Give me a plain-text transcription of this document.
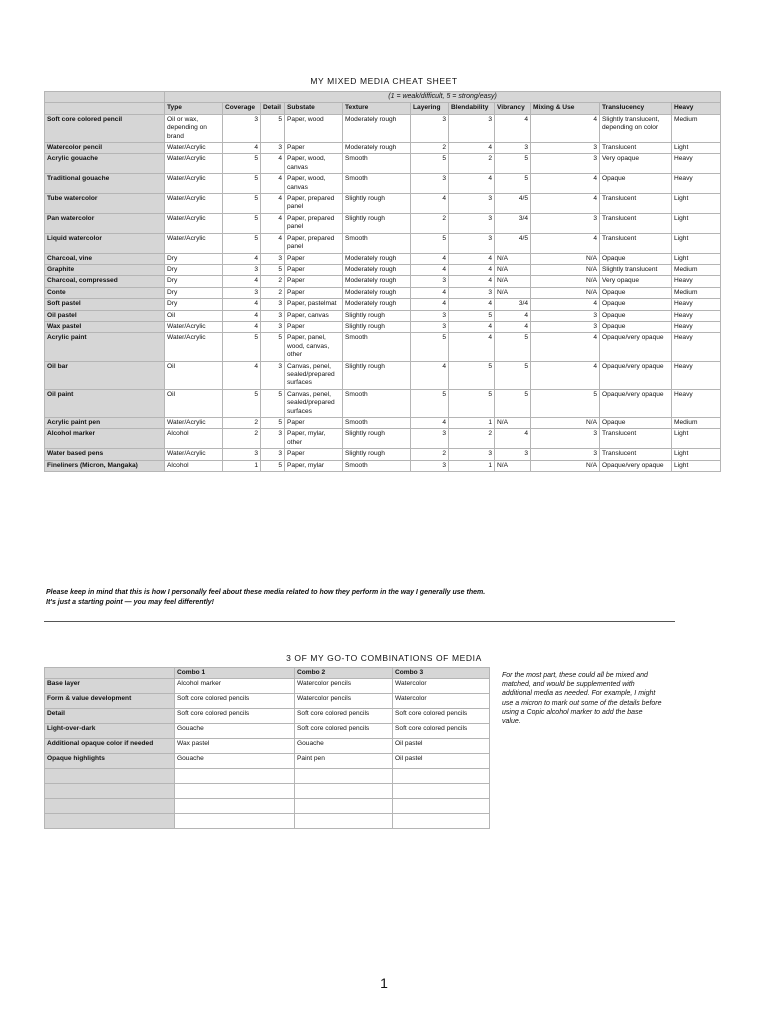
MY MIXED MEDIA CHEAT SHEET
	(1 = weak/difficult, 5 = strong/easy)										
	Type	Coverage	Detail	Substate	Texture	Layering	Blendability	Vibrancy	Mixing & Use	Translucency	Heavy
Soft core colored pencil	Oil or wax, depending on brand	3	5	Paper, wood	Moderately rough	3	3	4	4	Slightly translucent, depending on color	Medium
Watercolor pencil	Water/Acrylic	4	3	Paper	Moderately rough	2	4	3	3	Translucent	Light
Acrylic gouache	Water/Acrylic	5	4	Paper, wood, canvas	Smooth	5	2	5	3	Very opaque	Heavy
Traditional gouache	Water/Acrylic	5	4	Paper, wood, canvas	Smooth	3	4	5	4	Opaque	Heavy
Tube watercolor	Water/Acrylic	5	4	Paper, prepared panel	Slightly rough	4	3	4/5	4	Translucent	Light
Pan watercolor	Water/Acrylic	5	4	Paper, prepared panel	Slightly rough	2	3	3/4	3	Translucent	Light
Liquid watercolor	Water/Acrylic	5	4	Paper, prepared panel	Smooth	5	3	4/5	4	Translucent	Light
Charcoal, vine	Dry	4	3	Paper	Moderately rough	4	4	N/A	N/A	Opaque	Light
Graphite	Dry	3	5	Paper	Moderately rough	4	4	N/A	N/A	Slightly translucent	Medium
Charcoal, compressed	Dry	4	2	Paper	Moderately rough	3	4	N/A	N/A	Very opaque	Heavy
Conte	Dry	3	2	Paper	Moderately rough	4	3	N/A	N/A	Opaque	Medium
Soft pastel	Dry	4	3	Paper, pastelmat	Moderately rough	4	4	3/4	4	Opaque	Heavy
Oil pastel	Oil	4	3	Paper, canvas	Slightly rough	3	5	4	3	Opaque	Heavy
Wax pastel	Water/Acrylic	4	3	Paper	Slightly rough	3	4	4	3	Opaque	Heavy
Acrylic paint	Water/Acrylic	5	5	Paper, panel, wood, canvas, other	Smooth	5	4	5	4	Opaque/very opaque	Heavy
Oil bar	Oil	4	3	Canvas, penel, sealed/prepared surfaces	Slightly rough	4	5	5	4	Opaque/very opaque	Heavy
Oil paint	Oil	5	5	Canvas, penel, sealed/prepared surfaces	Smooth	5	5	5	5	Opaque/very opaque	Heavy
Acrylic paint pen	Water/Acrylic	2	5	Paper	Smooth	4	1	N/A	N/A	Opaque	Medium
Alcohol marker	Alcohol	2	3	Paper, mylar, other	Slightly rough	3	2	4	3	Translucent	Light
Water based pens	Water/Acrylic	3	3	Paper	Slightly rough	2	3	3	3	Translucent	Light
Fineliners (Micron, Mangaka)	Alcohol	1	5	Paper, mylar	Smooth	3	1	N/A	N/A	Opaque/very opaque	Light
Please keep in mind that this is how I personally feel about these media related to how they perform in the way I generally use them.
It's just a starting point — you may feel differently!
3 OF MY GO-TO COMBINATIONS OF MEDIA
	Combo 1	Combo 2	Combo 3
Base layer	Alcohol marker	Watercolor pencils	Watercolor
Form & value development	Soft core colored pencils	Watercolor pencils	Watercolor
Detail	Soft core colored pencils	Soft core colored pencils	Soft core colored pencils
Light-over-dark	Gouache	Soft core colored pencils	Soft core colored pencils
Additional opaque color if needed	Wax pastel	Gouache	Oil pastel
Opaque highlights	Gouache	Paint pen	Oil pastel

For the most part, these could all be mixed and matched, and would be supplemented with additional media as needed. For example, I might use a micron to mark out some of the details before using a Copic alcohol marker to add the base value.
1
